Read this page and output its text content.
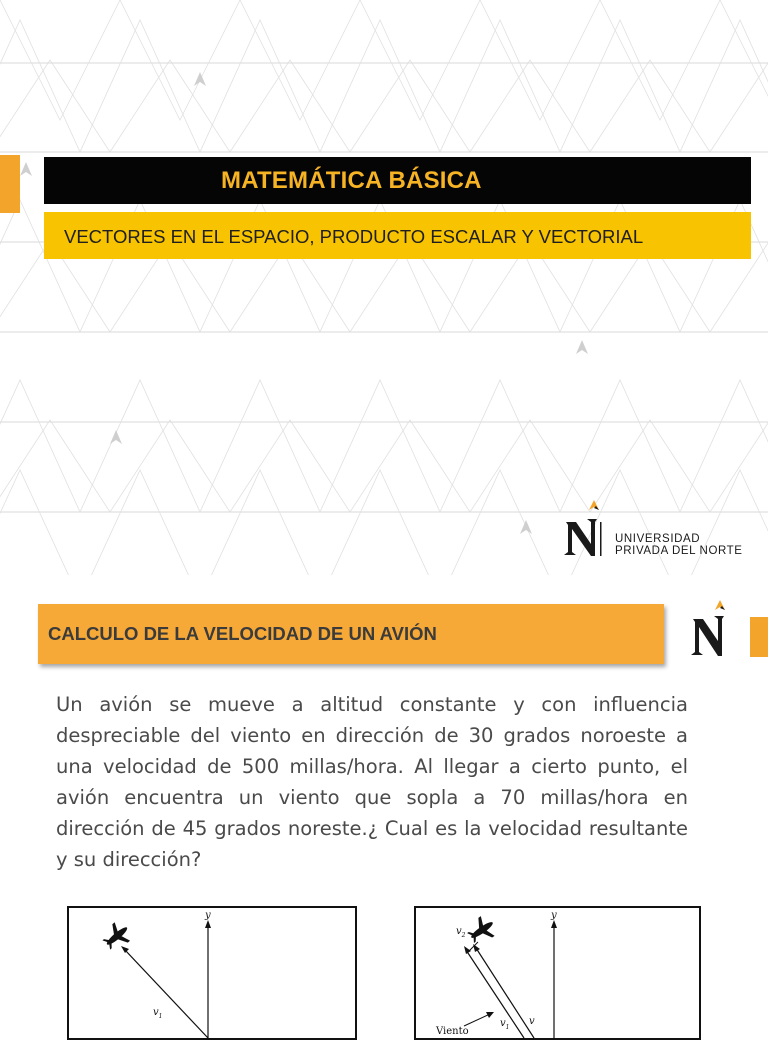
MATEMÁTICA BÁSICA
VECTORES EN EL ESPACIO, PRODUCTO ESCALAR Y VECTORIAL
UNIVERSIDAD
PRIVADA DEL NORTE
CALCULO DE LA VELOCIDAD DE UN AVIÓN
Un avión se mueve a altitud constante y con influencia despreciable del viento en dirección de 30 grados noroeste a una velocidad de 500 millas/hora. Al llegar a cierto punto, el avión encuentra un viento que sopla a 70 millas/hora en dirección de 45 grados noreste.¿ Cual es la velocidad resultante y su dirección?
y
$v_1$
y
$v_2$
$v_1$
v
Viento
